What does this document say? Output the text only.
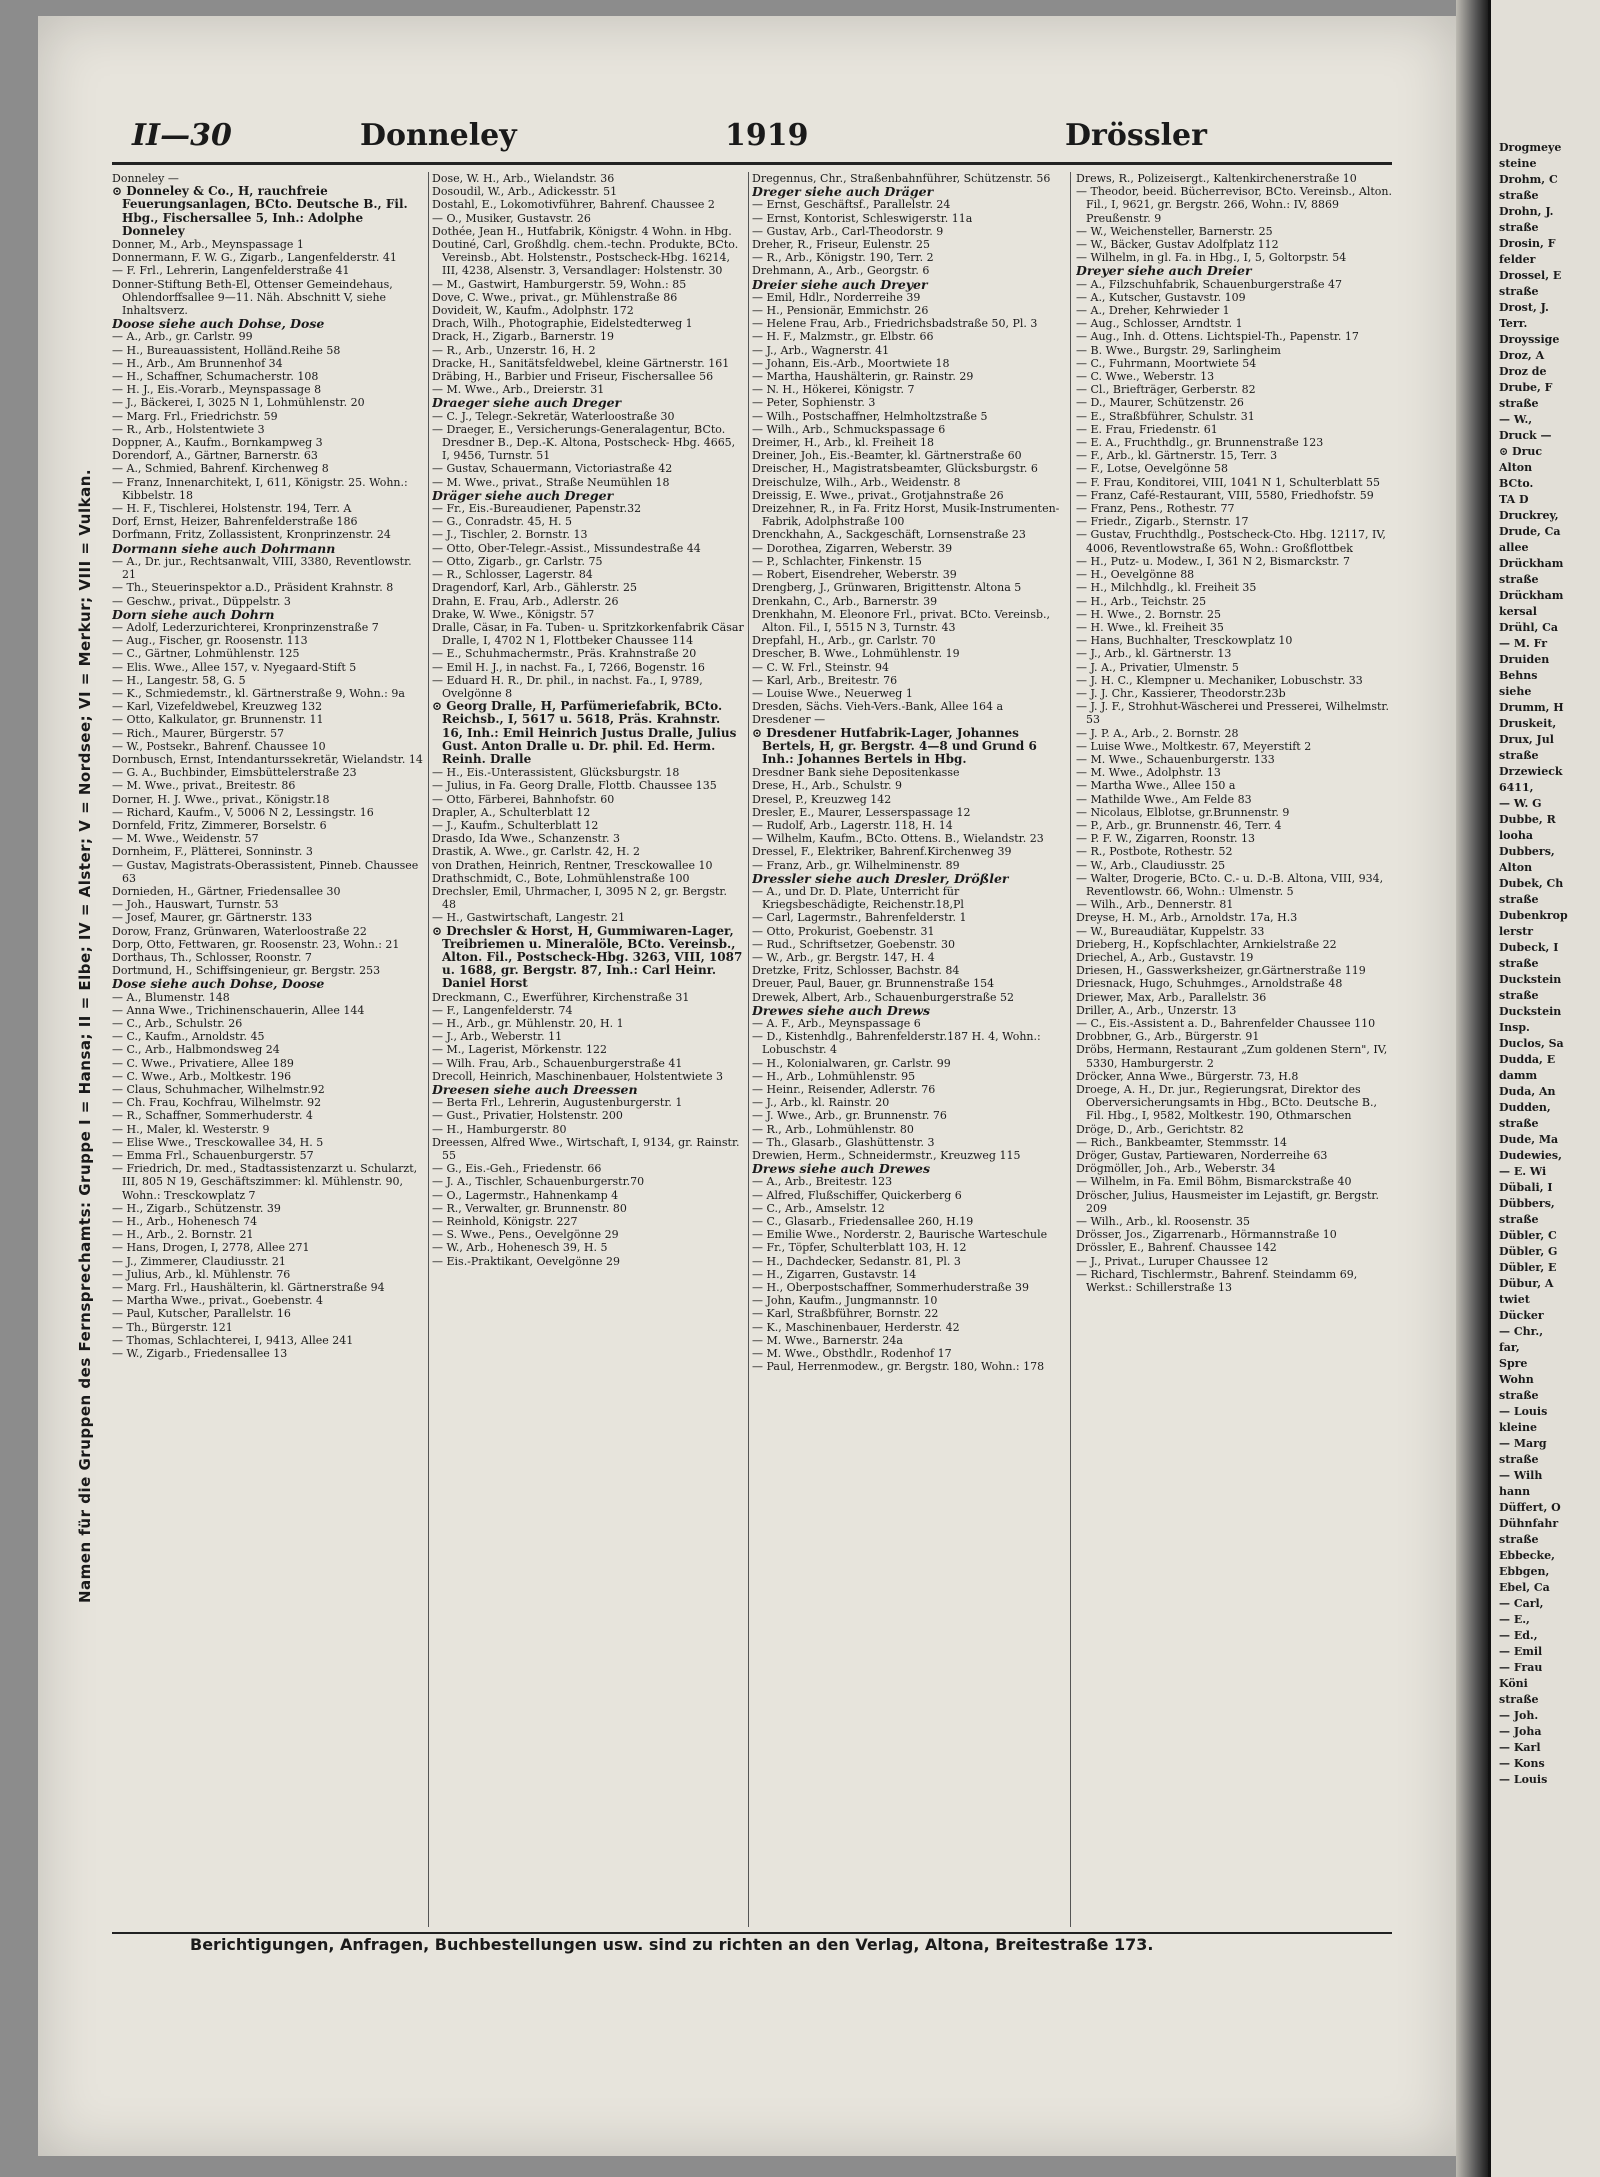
Drogmeye
steine
Drohm, C
straße
Drohn, J.
straße
Drosin, F
felder
Drossel, E
straße
Drost, J.
Terr.
Droyssige
Droz, A
Droz de
Drube, F
straße
— W.,
Druck —
⊙ Druc
Alton
BCto.
TA D
Druckrey,
Drude, Ca
allee
Drückham
straße
Drückham
kersal
Drühl, Ca
— M. Fr
Druiden
Behns
siehe
Drumm, H
Druskeit,
Drux, Jul
straße
Drzewieck
6411,
— W. G
Dubbe, R
looha
Dubbers,
Alton
Dubek, Ch
straße
Dubenkrop
lerstr
Dubeck, I
straße
Duckstein
straße
Duckstein
Insp.
Duclos, Sa
Dudda, E
damm
Duda, An
Dudden,
straße
Dude, Ma
Dudewies,
— E. Wi
Dübali, I
Dübbers,
straße
Dübler, C
Dübler, G
Dübler, E
Dübur, A
twiet
Dücker
— Chr.,
far,
Spre
Wohn
straße
— Louis
kleine
— Marg
straße
— Wilh
hann
Düffert, O
Dühnfahr
straße
Ebbecke,
Ebbgen,
Ebel, Ca
— Carl,
— E.,
— Ed.,
— Emil
— Frau
Köni
straße
— Joh.
— Joha
— Karl
— Kons
— Louis
II—30	Donneley	1919	Drössler
Namen für die Gruppen des Fernsprechamts: Gruppe I = Hansa; II = Elbe; IV = Alster; V = Nordsee; VI = Merkur; VIII = Vulkan.

Donneley —

⊙ Donneley & Co., H, rauchfreie Feuerungsanlagen, BCto. Deutsche B., Fil. Hbg., Fischersallee 5, Inh.: Adolphe Donneley

Donner, M., Arb., Meynspassage 1

Donnermann, F. W. G., Zigarb., Langenfelderstr. 41

— F. Frl., Lehrerin, Langenfelderstraße 41

Donner-Stiftung Beth-El, Ottenser Gemeindehaus, Ohlendorffsallee 9—11. Näh. Abschnitt V, siehe Inhaltsverz.

Doose siehe auch Dohse, Dose

— A., Arb., gr. Carlstr. 99

— H., Bureauassistent, Holländ.Reihe 58

— H., Arb., Am Brunnenhof 34

— H., Schaffner, Schumacherstr. 108

— H. J., Eis.-Vorarb., Meynspassage 8

— J., Bäckerei, I, 3025 N 1, Lohmühlenstr. 20

— Marg. Frl., Friedrichstr. 59

— R., Arb., Holstentwiete 3

Doppner, A., Kaufm., Bornkampweg 3

Dorendorf, A., Gärtner, Barnerstr. 63

— A., Schmied, Bahrenf. Kirchenweg 8

— Franz, Innenarchitekt, I, 611, Königstr. 25. Wohn.: Kibbelstr. 18

— H. F., Tischlerei, Holstenstr. 194, Terr. A

Dorf, Ernst, Heizer, Bahrenfelderstraße 186

Dorfmann, Fritz, Zollassistent, Kronprinzenstr. 24

Dormann siehe auch Dohrmann

— A., Dr. jur., Rechtsanwalt, VIII, 3380, Reventlowstr. 21

— Th., Steuerinspektor a.D., Präsident Krahnstr. 8

— Geschw., privat., Düppelstr. 3

Dorn siehe auch Dohrn

— Adolf, Lederzurichterei, Kronprinzenstraße 7

— Aug., Fischer, gr. Roosenstr. 113

— C., Gärtner, Lohmühlenstr. 125

— Elis. Wwe., Allee 157, v. Nyegaard-Stift 5

— H., Langestr. 58, G. 5

— K., Schmiedemstr., kl. Gärtnerstraße 9, Wohn.: 9a

— Karl, Vizefeldwebel, Kreuzweg 132

— Otto, Kalkulator, gr. Brunnenstr. 11

— Rich., Maurer, Bürgerstr. 57

— W., Postsekr., Bahrenf. Chaussee 10

Dornbusch, Ernst, Intendanturssekretär, Wielandstr. 14

— G. A., Buchbinder, Eimsbüttelerstraße 23

— M. Wwe., privat., Breitestr. 86

Dorner, H. J. Wwe., privat., Königstr.18

— Richard, Kaufm., V, 5006 N 2, Lessingstr. 16

Dornfeld, Fritz, Zimmerer, Borselstr. 6

— M. Wwe., Weidenstr. 57

Dornheim, F., Plätterei, Sonninstr. 3

— Gustav, Magistrats-Oberassistent, Pinneb. Chaussee 63

Dornieden, H., Gärtner, Friedensallee 30

— Joh., Hauswart, Turnstr. 53

— Josef, Maurer, gr. Gärtnerstr. 133

Dorow, Franz, Grünwaren, Waterloostraße 22

Dorp, Otto, Fettwaren, gr. Roosenstr. 23, Wohn.: 21

Dorthaus, Th., Schlosser, Roonstr. 7

Dortmund, H., Schiffsingenieur, gr. Bergstr. 253

Dose siehe auch Dohse, Doose

— A., Blumenstr. 148

— Anna Wwe., Trichinenschauerin, Allee 144

— C., Arb., Schulstr. 26

— C., Kaufm., Arnoldstr. 45

— C., Arb., Halbmondsweg 24

— C. Wwe., Privatiere, Allee 189

— C. Wwe., Arb., Moltkestr. 196

— Claus, Schuhmacher, Wilhelmstr.92

— Ch. Frau, Kochfrau, Wilhelmstr. 92

— R., Schaffner, Sommerhuderstr. 4

— H., Maler, kl. Westerstr. 9

— Elise Wwe., Tresckowallee 34, H. 5

— Emma Frl., Schauenburgerstr. 57

— Friedrich, Dr. med., Stadtassistenzarzt u. Schularzt, III, 805 N 19, Geschäftszimmer: kl. Mühlenstr. 90, Wohn.: Tresckowplatz 7

— H., Zigarb., Schützenstr. 39

— H., Arb., Hohenesch 74

— H., Arb., 2. Bornstr. 21

— Hans, Drogen, I, 2778, Allee 271

— J., Zimmerer, Claudiusstr. 21

— Julius, Arb., kl. Mühlenstr. 76

— Marg. Frl., Haushälterin, kl. Gärtnerstraße 94

— Martha Wwe., privat., Goebenstr. 4

— Paul, Kutscher, Parallelstr. 16

— Th., Bürgerstr. 121

— Thomas, Schlachterei, I, 9413, Allee 241

— W., Zigarb., Friedensallee 13

Dose, W. H., Arb., Wielandstr. 36

Dosoudil, W., Arb., Adickesstr. 51

Dostahl, E., Lokomotivführer, Bahrenf. Chaussee 2

— O., Musiker, Gustavstr. 26

Dothée, Jean H., Hutfabrik, Königstr. 4 Wohn. in Hbg.

Doutiné, Carl, Großhdlg. chem.-techn. Produkte, BCto. Vereinsb., Abt. Holstenstr., Postscheck-Hbg. 16214, III, 4238, Alsenstr. 3, Versandlager: Holstenstr. 30

— M., Gastwirt, Hamburgerstr. 59, Wohn.: 85

Dove, C. Wwe., privat., gr. Mühlenstraße 86

Dovideit, W., Kaufm., Adolphstr. 172

Drach, Wilh., Photographie, Eidelstedterweg 1

Drack, H., Zigarb., Barnerstr. 19

— R., Arb., Unzerstr. 16, H. 2

Dracke, H., Sanitätsfeldwebel, kleine Gärtnerstr. 161

Dräbing, H., Barbier und Friseur, Fischersallee 56

— M. Wwe., Arb., Dreierstr. 31

Draeger siehe auch Dreger

— C. J., Telegr.-Sekretär, Waterloostraße 30

— Draeger, E., Versicherungs-Generalagentur, BCto. Dresdner B., Dep.-K. Altona, Postscheck- Hbg. 4665, I, 9456, Turnstr. 51

— Gustav, Schauermann, Victoriastraße 42

— M. Wwe., privat., Straße Neumühlen 18

Dräger siehe auch Dreger

— Fr., Eis.-Bureaudiener, Papenstr.32

— G., Conradstr. 45, H. 5

— J., Tischler, 2. Bornstr. 13

— Otto, Ober-Telegr.-Assist., Missundestraße 44

— Otto, Zigarb., gr. Carlstr. 75

— R., Schlosser, Lagerstr. 84

Dragendorf, Karl, Arb., Gählerstr. 25

Drahn, E. Frau, Arb., Adlerstr. 26

Drake, W. Wwe., Königstr. 57

Dralle, Cäsar, in Fa. Tuben- u. Spritzkorkenfabrik Cäsar Dralle, I, 4702 N 1, Flottbeker Chaussee 114

— E., Schuhmachermstr., Präs. Krahnstraße 20

— Emil H. J., in nachst. Fa., I, 7266, Bogenstr. 16

— Eduard H. R., Dr. phil., in nachst. Fa., I, 9789, Ovelgönne 8

⊙ Georg Dralle, H, Parfümeriefabrik, BCto. Reichsb., I, 5617 u. 5618, Präs. Krahnstr. 16, Inh.: Emil Heinrich Justus Dralle, Julius Gust. Anton Dralle u. Dr. phil. Ed. Herm. Reinh. Dralle

— H., Eis.-Unterassistent, Glücksburgstr. 18

— Julius, in Fa. Georg Dralle, Flottb. Chaussee 135

— Otto, Färberei, Bahnhofstr. 60

Drapler, A., Schulterblatt 12

— J., Kaufm., Schulterblatt 12

Drasdo, Ida Wwe., Schanzenstr. 3

Drastik, A. Wwe., gr. Carlstr. 42, H. 2

von Drathen, Heinrich, Rentner, Tresckowallee 10

Drathschmidt, C., Bote, Lohmühlenstraße 100

Drechsler, Emil, Uhrmacher, I, 3095 N 2, gr. Bergstr. 48

— H., Gastwirtschaft, Langestr. 21

⊙ Drechsler & Horst, H, Gummiwaren-Lager, Treibriemen u. Mineralöle, BCto. Vereinsb., Alton. Fil., Postscheck-Hbg. 3263, VIII, 1087 u. 1688, gr. Bergstr. 87, Inh.: Carl Heinr. Daniel Horst

Dreckmann, C., Ewerführer, Kirchenstraße 31

— F., Langenfelderstr. 74

— H., Arb., gr. Mühlenstr. 20, H. 1

— J., Arb., Weberstr. 11

— M., Lagerist, Mörkenstr. 122

— Wilh. Frau, Arb., Schauenburgerstraße 41

Drecoll, Heinrich, Maschinenbauer, Holstentwiete 3

Dreesen siehe auch Dreessen

— Berta Frl., Lehrerin, Augustenburgerstr. 1

— Gust., Privatier, Holstenstr. 200

— H., Hamburgerstr. 80

Dreessen, Alfred Wwe., Wirtschaft, I, 9134, gr. Rainstr. 55

— G., Eis.-Geh., Friedenstr. 66

— J. A., Tischler, Schauenburgerstr.70

— O., Lagermstr., Hahnenkamp 4

— R., Verwalter, gr. Brunnenstr. 80

— Reinhold, Königstr. 227

— S. Wwe., Pens., Oevelgönne 29

— W., Arb., Hohenesch 39, H. 5

— Eis.-Praktikant, Oevelgönne 29

Dregennus, Chr., Straßenbahnführer, Schützenstr. 56

Dreger siehe auch Dräger

— Ernst, Geschäftsf., Parallelstr. 24

— Ernst, Kontorist, Schleswigerstr. 11a

— Gustav, Arb., Carl-Theodorstr. 9

Dreher, R., Friseur, Eulenstr. 25

— R., Arb., Königstr. 190, Terr. 2

Drehmann, A., Arb., Georgstr. 6

Dreier siehe auch Dreyer

— Emil, Hdlr., Norderreihe 39

— H., Pensionär, Emmichstr. 26

— Helene Frau, Arb., Friedrichsbadstraße 50, Pl. 3

— H. F., Malzmstr., gr. Elbstr. 66

— J., Arb., Wagnerstr. 41

— Johann, Eis.-Arb., Moortwiete 18

— Martha, Haushälterin, gr. Rainstr. 29

— N. H., Hökerei, Königstr. 7

— Peter, Sophienstr. 3

— Wilh., Postschaffner, Helmholtzstraße 5

— Wilh., Arb., Schmuckspassage 6

Dreimer, H., Arb., kl. Freiheit 18

Dreiner, Joh., Eis.-Beamter, kl. Gärtnerstraße 60

Dreischer, H., Magistratsbeamter, Glücksburgstr. 6

Dreischulze, Wilh., Arb., Weidenstr. 8

Dreissig, E. Wwe., privat., Grotjahnstraße 26

Dreizehner, R., in Fa. Fritz Horst, Musik-Instrumenten-Fabrik, Adolphstraße 100

Drenckhahn, A., Sackgeschäft, Lornsenstraße 23

— Dorothea, Zigarren, Weberstr. 39

— P., Schlachter, Finkenstr. 15

— Robert, Eisendreher, Weberstr. 39

Drengberg, J., Grünwaren, Brigittenstr. Altona 5

Drenkahn, C., Arb., Barnerstr. 39

Drenkhahn, M. Eleonore Frl., privat. BCto. Vereinsb., Alton. Fil., I, 5515 N 3, Turnstr. 43

Drepfahl, H., Arb., gr. Carlstr. 70

Drescher, B. Wwe., Lohmühlenstr. 19

— C. W. Frl., Steinstr. 94

— Karl, Arb., Breitestr. 76

— Louise Wwe., Neuerweg 1

Dresden, Sächs. Vieh-Vers.-Bank, Allee 164 a

Dresdener —

⊙ Dresdener Hutfabrik-Lager, Johannes Bertels, H, gr. Bergstr. 4—8 und Grund 6 Inh.: Johannes Bertels in Hbg.

Dresdner Bank siehe Depositenkasse

Drese, H., Arb., Schulstr. 9

Dresel, P., Kreuzweg 142

Dresler, E., Maurer, Lesserspassage 12

— Rudolf, Arb., Lagerstr. 118, H. 14

— Wilhelm, Kaufm., BCto. Ottens. B., Wielandstr. 23

Dressel, F., Elektriker, Bahrenf.Kirchenweg 39

— Franz, Arb., gr. Wilhelminenstr. 89

Dressler siehe auch Dresler, Drößler

— A., und Dr. D. Plate, Unterricht für Kriegsbeschädigte, Reichenstr.18,Pl

— Carl, Lagermstr., Bahrenfelderstr. 1

— Otto, Prokurist, Goebenstr. 31

— Rud., Schriftsetzer, Goebenstr. 30

— W., Arb., gr. Bergstr. 147, H. 4

Dretzke, Fritz, Schlosser, Bachstr. 84

Dreuer, Paul, Bauer, gr. Brunnenstraße 154

Drewek, Albert, Arb., Schauenburgerstraße 52

Drewes siehe auch Drews

— A. F., Arb., Meynspassage 6

— D., Kistenhdlg., Bahrenfelderstr.187 H. 4, Wohn.: Lobuschstr. 4

— H., Kolonialwaren, gr. Carlstr. 99

— H., Arb., Lohmühlenstr. 95

— Heinr., Reisender, Adlerstr. 76

— J., Arb., kl. Rainstr. 20

— J. Wwe., Arb., gr. Brunnenstr. 76

— R., Arb., Lohmühlenstr. 80

— Th., Glasarb., Glashüttenstr. 3

Drewien, Herm., Schneidermstr., Kreuzweg 115

Drews siehe auch Drewes

— A., Arb., Breitestr. 123

— Alfred, Flußschiffer, Quickerberg 6

— C., Arb., Amselstr. 12

— C., Glasarb., Friedensallee 260, H.19

— Emilie Wwe., Norderstr. 2, Baurische Warteschule

— Fr., Töpfer, Schulterblatt 103, H. 12

— H., Dachdecker, Sedanstr. 81, Pl. 3

— H., Zigarren, Gustavstr. 14

— H., Oberpostschaffner, Sommerhuderstraße 39

— John, Kaufm., Jungmannstr. 10

— Karl, Straßbführer, Bornstr. 22

— K., Maschinenbauer, Herderstr. 42

— M. Wwe., Barnerstr. 24a

— M. Wwe., Obsthdlr., Rodenhof 17

— Paul, Herrenmodew., gr. Bergstr. 180, Wohn.: 178

Drews, R., Polizeisergt., Kaltenkirchenerstraße 10

— Theodor, beeid. Bücherrevisor, BCto. Vereinsb., Alton. Fil., I, 9621, gr. Bergstr. 266, Wohn.: IV, 8869 Preußenstr. 9

— W., Weichensteller, Barnerstr. 25

— W., Bäcker, Gustav Adolfplatz 112

— Wilhelm, in gl. Fa. in Hbg., I, 5, Goltorpstr. 54

Dreyer siehe auch Dreier

— A., Filzschuhfabrik, Schauenburgerstraße 47

— A., Kutscher, Gustavstr. 109

— A., Dreher, Kehrwieder 1

— Aug., Schlosser, Arndtstr. 1

— Aug., Inh. d. Ottens. Lichtspiel-Th., Papenstr. 17

— B. Wwe., Burgstr. 29, Sarlingheim

— C., Fuhrmann, Moortwiete 54

— C. Wwe., Weberstr. 13

— Cl., Briefträger, Gerberstr. 82

— D., Maurer, Schützenstr. 26

— E., Straßbführer, Schulstr. 31

— E. Frau, Friedenstr. 61

— E. A., Fruchthdlg., gr. Brunnenstraße 123

— F., Arb., kl. Gärtnerstr. 15, Terr. 3

— F., Lotse, Oevelgönne 58

— F. Frau, Konditorei, VIII, 1041 N 1, Schulterblatt 55

— Franz, Café-Restaurant, VIII, 5580, Friedhofstr. 59

— Franz, Pens., Rothestr. 77

— Friedr., Zigarb., Sternstr. 17

— Gustav, Fruchthdlg., Postscheck-Cto. Hbg. 12117, IV, 4006, Reventlowstraße 65, Wohn.: Großflottbek

— H., Putz- u. Modew., I, 361 N 2, Bismarckstr. 7

— H., Oevelgönne 88

— H., Milchhdlg., kl. Freiheit 35

— H., Arb., Teichstr. 25

— H. Wwe., 2. Bornstr. 25

— H. Wwe., kl. Freiheit 35

— Hans, Buchhalter, Tresckowplatz 10

— J., Arb., kl. Gärtnerstr. 13

— J. A., Privatier, Ulmenstr. 5

— J. H. C., Klempner u. Mechaniker, Lobuschstr. 33

— J. J. Chr., Kassierer, Theodorstr.23b

— J. J. F., Strohhut-Wäscherei und Presserei, Wilhelmstr. 53

— J. P. A., Arb., 2. Bornstr. 28

— Luise Wwe., Moltkestr. 67, Meyerstift 2

— M. Wwe., Schauenburgerstr. 133

— M. Wwe., Adolphstr. 13

— Martha Wwe., Allee 150 a

— Mathilde Wwe., Am Felde 83

— Nicolaus, Elblotse, gr.Brunnenstr. 9

— P., Arb., gr. Brunnenstr. 46, Terr. 4

— P. F. W., Zigarren, Roonstr. 13

— R., Postbote, Rothestr. 52

— W., Arb., Claudiusstr. 25

— Walter, Drogerie, BCto. C.- u. D.-B. Altona, VIII, 934, Reventlowstr. 66, Wohn.: Ulmenstr. 5

— Wilh., Arb., Dennerstr. 81

Dreyse, H. M., Arb., Arnoldstr. 17a, H.3

— W., Bureaudiätar, Kuppelstr. 33

Drieberg, H., Kopfschlachter, Arnkielstraße 22

Driechel, A., Arb., Gustavstr. 19

Driesen, H., Gasswerksheizer, gr.Gärtnerstraße 119

Driesnack, Hugo, Schuhmges., Arnoldstraße 48

Driewer, Max, Arb., Parallelstr. 36

Driller, A., Arb., Unzerstr. 13

— C., Eis.-Assistent a. D., Bahrenfelder Chaussee 110

Drobbner, G., Arb., Bürgerstr. 91

Dröbs, Hermann, Restaurant „Zum goldenen Stern", IV, 5330, Hamburgerstr. 2

Dröcker, Anna Wwe., Bürgerstr. 73, H.8

Droege, A. H., Dr. jur., Regierungsrat, Direktor des Oberversicherungsamts in Hbg., BCto. Deutsche B., Fil. Hbg., I, 9582, Moltkestr. 190, Othmarschen

Dröge, D., Arb., Gerichtstr. 82

— Rich., Bankbeamter, Stemmsstr. 14

Dröger, Gustav, Partiewaren, Norderreihe 63

Drögmöller, Joh., Arb., Weberstr. 34

— Wilhelm, in Fa. Emil Böhm, Bismarckstraße 40

Dröscher, Julius, Hausmeister im Lejastift, gr. Bergstr. 209

— Wilh., Arb., kl. Roosenstr. 35

Drösser, Jos., Zigarrenarb., Hörmannstraße 10

Drössler, E., Bahrenf. Chaussee 142

— J., Privat., Luruper Chaussee 12

— Richard, Tischlermstr., Bahrenf. Steindamm 69, Werkst.: Schillerstraße 13

Berichtigungen, Anfragen, Buchbestellungen usw. sind zu richten an den Verlag, Altona, Breitestraße 173.
